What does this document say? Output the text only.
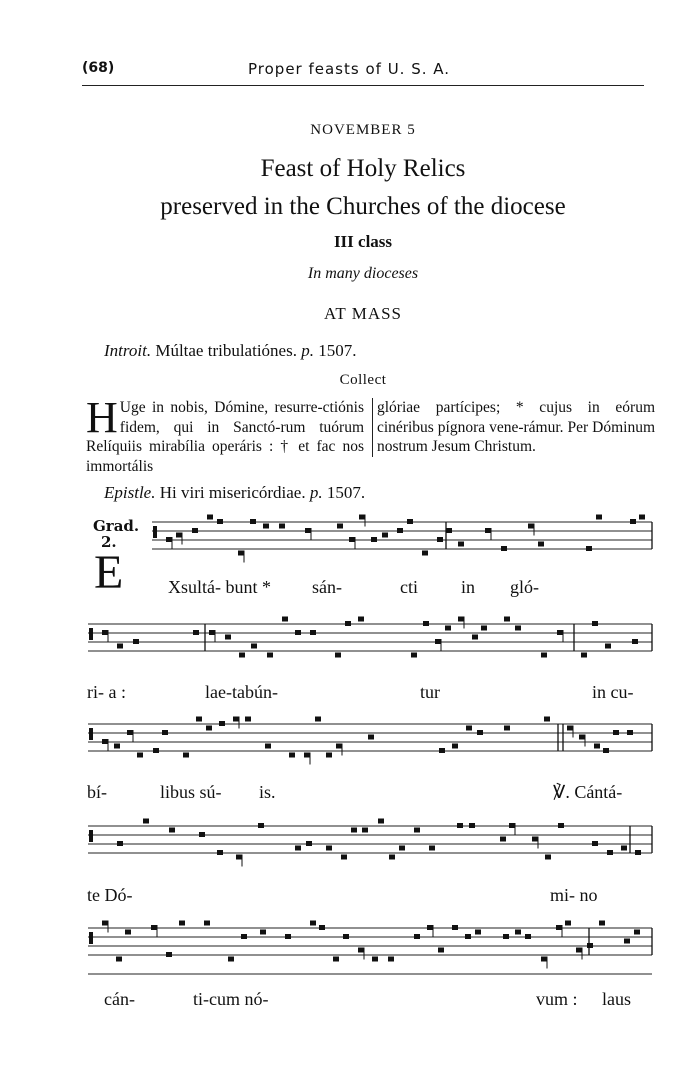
(68)	Proper feasts of U. S. A.
NOVEMBER 5
Feast of Holy Relics
preserved in the Churches of the diocese
III class
In many dioceses
AT MASS
Introit. Múltae tribulatiónes. p. 1507.
Collect
H Uge in nobis, Dómine, resurre-ctiónis fidem, qui in Sanctó-rum tuórum Relíquiis mirabília operáris : † et fac nos immortális
glóriae partícipes; * cujus in eórum cinéribus pígnora vene-rámur. Per Dóminum nostrum Jesum Christum.
Epistle. Hi viri misericórdiae. p. 1507.
Grad.
2.
E Xsultá- bunt * sán-	cti in gló-
ri- a :	lae-tabún-	tur	in cu-
bí-	libus sú- is.	℣. Cántá-
te Dó-	mi- no
cán-	ti-cum nó-	vum : laus
